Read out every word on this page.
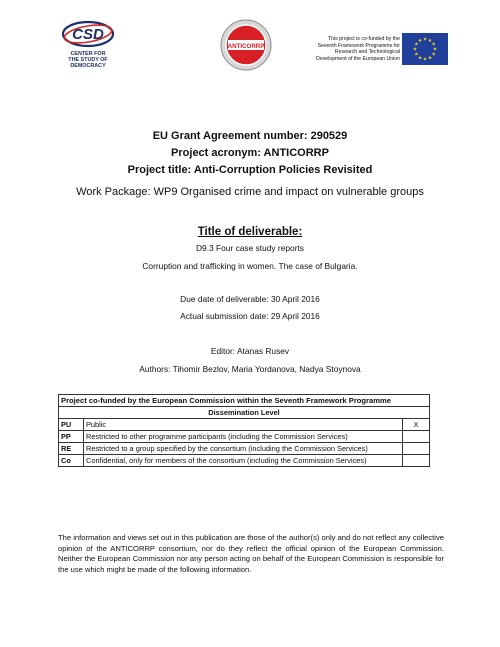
CSD
CENTER FOR
THE STUDY OF
DEMOCRACY
ANTICORRP
This project is co-funded by the Seventh Framework Programme for Research and Technological Development of the European Union
EU Grant Agreement number: 290529
Project acronym: ANTICORRP
Project title: Anti-Corruption Policies Revisited
Work Package: WP9 Organised crime and impact on vulnerable groups
Title of deliverable:
D9.3 Four case study reports
Corruption and trafficking in women. The case of Bulgaria.
Due date of deliverable: 30 April 2016
Actual submission date: 29 April 2016
Editor: Atanas Rusev
Authors: Tihomir Bezlov, Maria Yordanova, Nadya Stoynova
Project co-funded by the European Commission within the Seventh Framework Programme		
Dissemination Level		
PU	Public	X
PP	Restricted to other programme participants (including the Commission Services)	
RE	Restricted to a group specified by the consortium (including the Commission Services)	
Co	Confidential, only for members of the consortium (including the Commission Services)	
The information and views set out in this publication are those of the author(s) only and do not reflect any collective opinion of the ANTICORRP consortium, nor do they reflect the official opinion of the European Commission. Neither the European Commission nor any person acting on behalf of the European Commission is responsible for the use which might be made of the following information.
